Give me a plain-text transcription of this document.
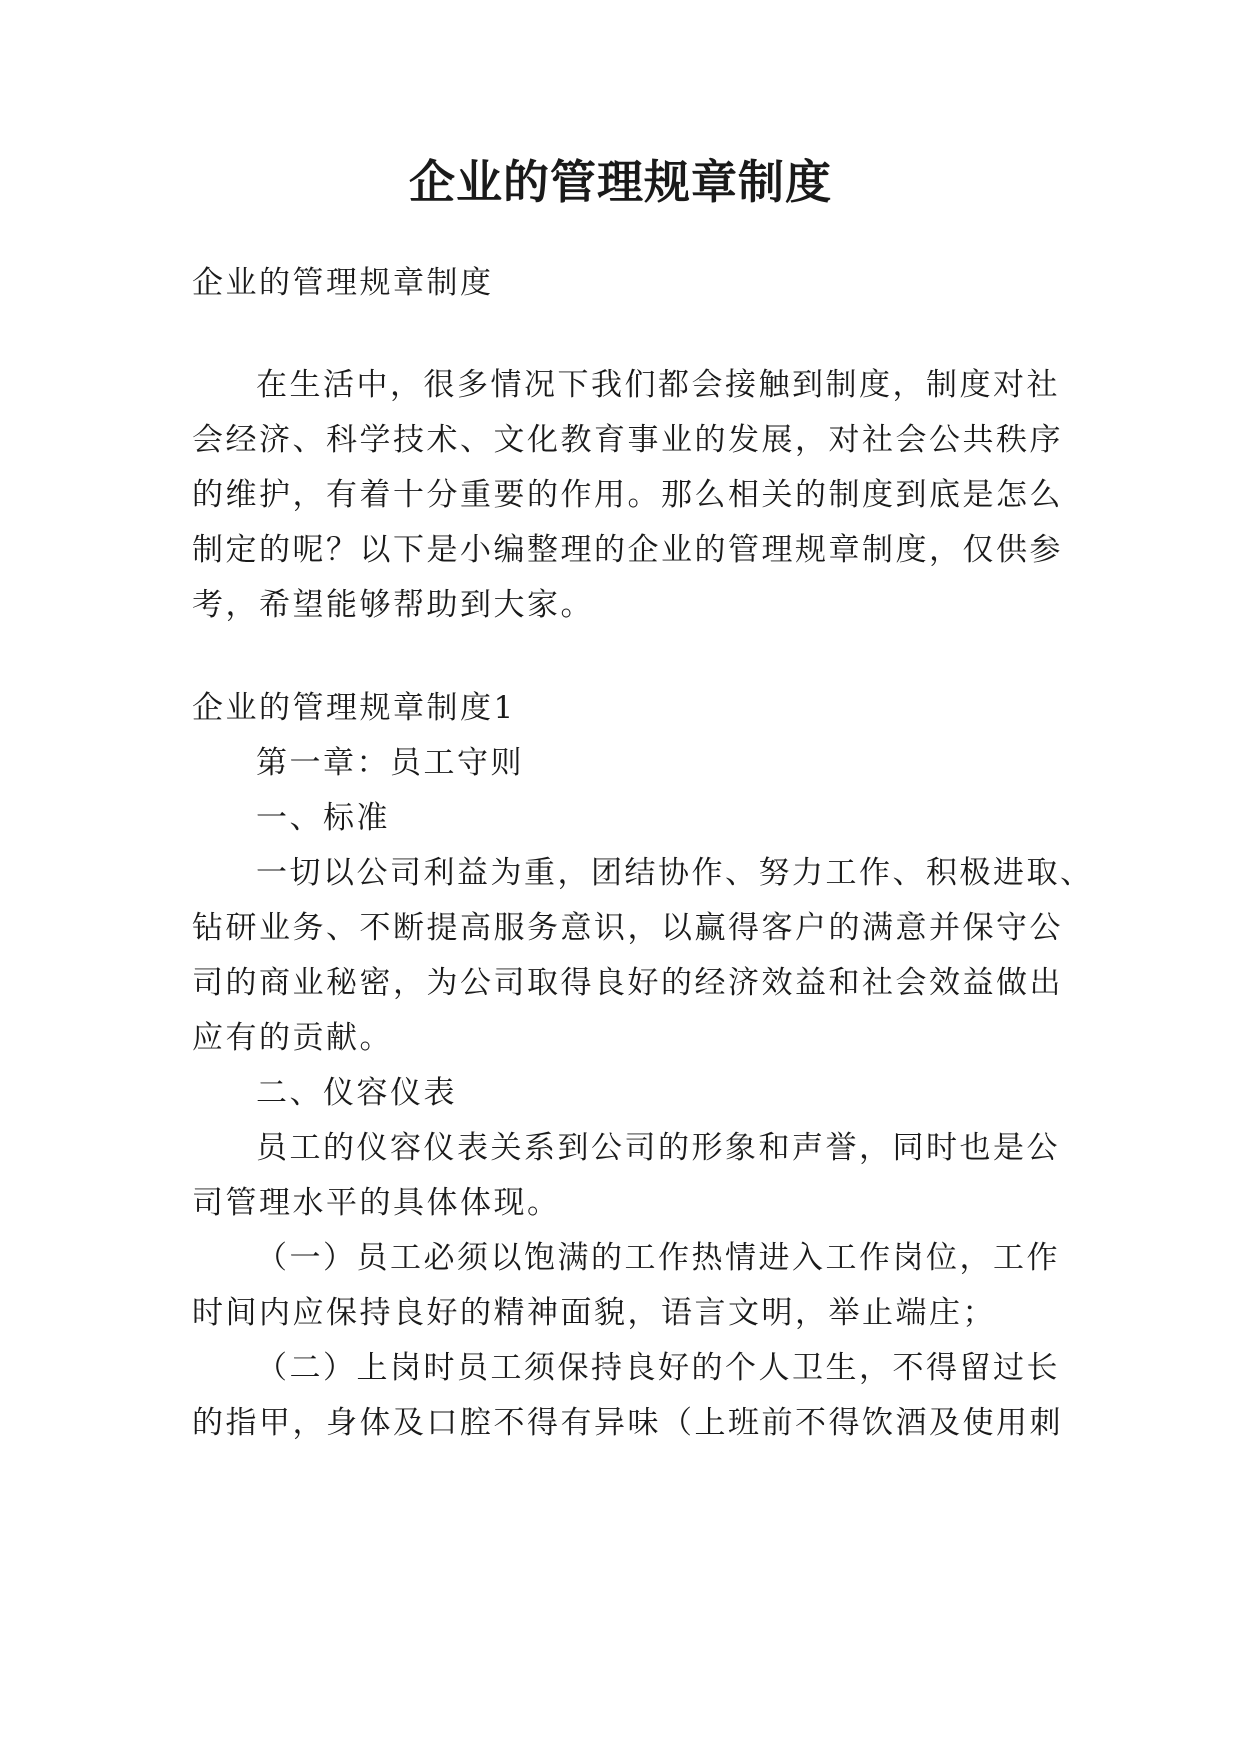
企业的管理规章制度
企业的管理规章制度
在生活中，很多情况下我们都会接触到制度，制度对社
会经济、科学技术、文化教育事业的发展，对社会公共秩序
的维护，有着十分重要的作用。那么相关的制度到底是怎么
制定的呢？以下是小编整理的企业的管理规章制度，仅供参
考，希望能够帮助到大家。
企业的管理规章制度1
第一章：员工守则
一、标准
一切以公司利益为重，团结协作、努力工作、积极进取、
钻研业务、不断提高服务意识，以赢得客户的满意并保守公
司的商业秘密，为公司取得良好的经济效益和社会效益做出
应有的贡献。
二、仪容仪表
员工的仪容仪表关系到公司的形象和声誉，同时也是公
司管理水平的具体体现。
（一）员工必须以饱满的工作热情进入工作岗位，工作
时间内应保持良好的精神面貌，语言文明，举止端庄；
（二）上岗时员工须保持良好的个人卫生，不得留过长
的指甲，身体及口腔不得有异味（上班前不得饮酒及使用刺
